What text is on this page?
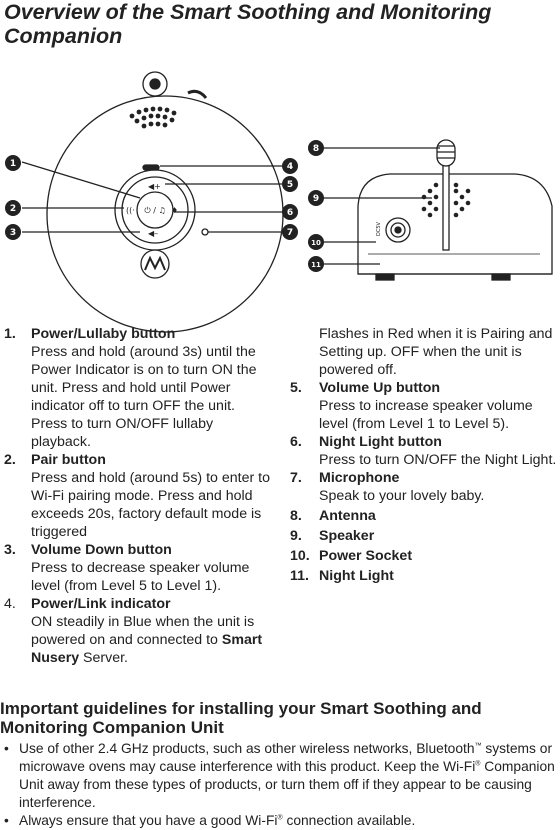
Overview of the Smart Soothing and Monitoring Companion
◀+
◀–
((·	♦
⏻ / ♫
DC5V
1
2
3
4
5
6
7
8
9
10
11
1. Power/Lullaby button
Press and hold (around 3s) until the Power Indicator is on to turn ON the unit. Press and hold until Power indicator off to turn OFF the unit. Press to turn ON/OFF lullaby playback.
2. Pair button
Press and hold (around 5s) to enter to Wi-Fi pairing mode. Press and hold exceeds 20s, factory default mode is triggered
3. Volume Down button
Press to decrease speaker volume level (from Level 5 to Level 1).
4. Power/Link indicator
ON steadily in Blue when the unit is powered on and connected to Smart Nusery Server.
Flashes in Red when it is Pairing and Setting up. OFF when the unit is powered off.
5. Volume Up button
Press to increase speaker volume level (from Level 1 to Level 5).
6. Night Light button
Press to turn ON/OFF the Night Light.
7. Microphone
Speak to your lovely baby.
8. Antenna
9. Speaker
10. Power Socket
11. Night Light
Important guidelines for installing your Smart Soothing and Monitoring Companion Unit
• Use of other 2.4 GHz products, such as other wireless networks, Bluetooth™ systems or microwave ovens may cause interference with this product. Keep the Wi-Fi® Companion Unit away from these types of products, or turn them off if they appear to be causing interference.
• Always ensure that you have a good Wi-Fi® connection available.
